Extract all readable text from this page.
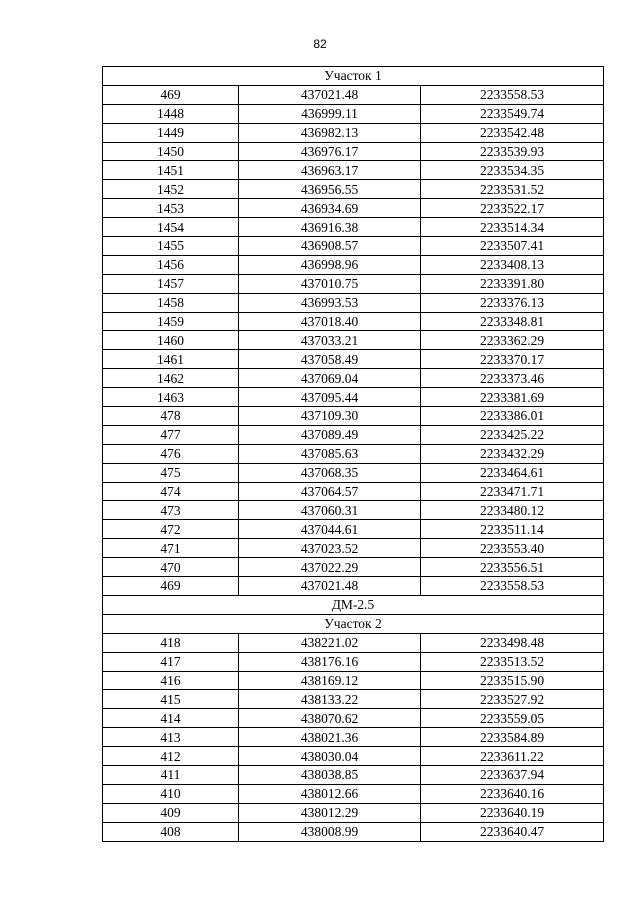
82
Участок 1		
469	437021.48	2233558.53
1448	436999.11	2233549.74
1449	436982.13	2233542.48
1450	436976.17	2233539.93
1451	436963.17	2233534.35
1452	436956.55	2233531.52
1453	436934.69	2233522.17
1454	436916.38	2233514.34
1455	436908.57	2233507.41
1456	436998.96	2233408.13
1457	437010.75	2233391.80
1458	436993.53	2233376.13
1459	437018.40	2233348.81
1460	437033.21	2233362.29
1461	437058.49	2233370.17
1462	437069.04	2233373.46
1463	437095.44	2233381.69
478	437109.30	2233386.01
477	437089.49	2233425.22
476	437085.63	2233432.29
475	437068.35	2233464.61
474	437064.57	2233471.71
473	437060.31	2233480.12
472	437044.61	2233511.14
471	437023.52	2233553.40
470	437022.29	2233556.51
469	437021.48	2233558.53
ДМ-2.5		
Участок 2		
418	438221.02	2233498.48
417	438176.16	2233513.52
416	438169.12	2233515.90
415	438133.22	2233527.92
414	438070.62	2233559.05
413	438021.36	2233584.89
412	438030.04	2233611.22
411	438038.85	2233637.94
410	438012.66	2233640.16
409	438012.29	2233640.19
408	438008.99	2233640.47
